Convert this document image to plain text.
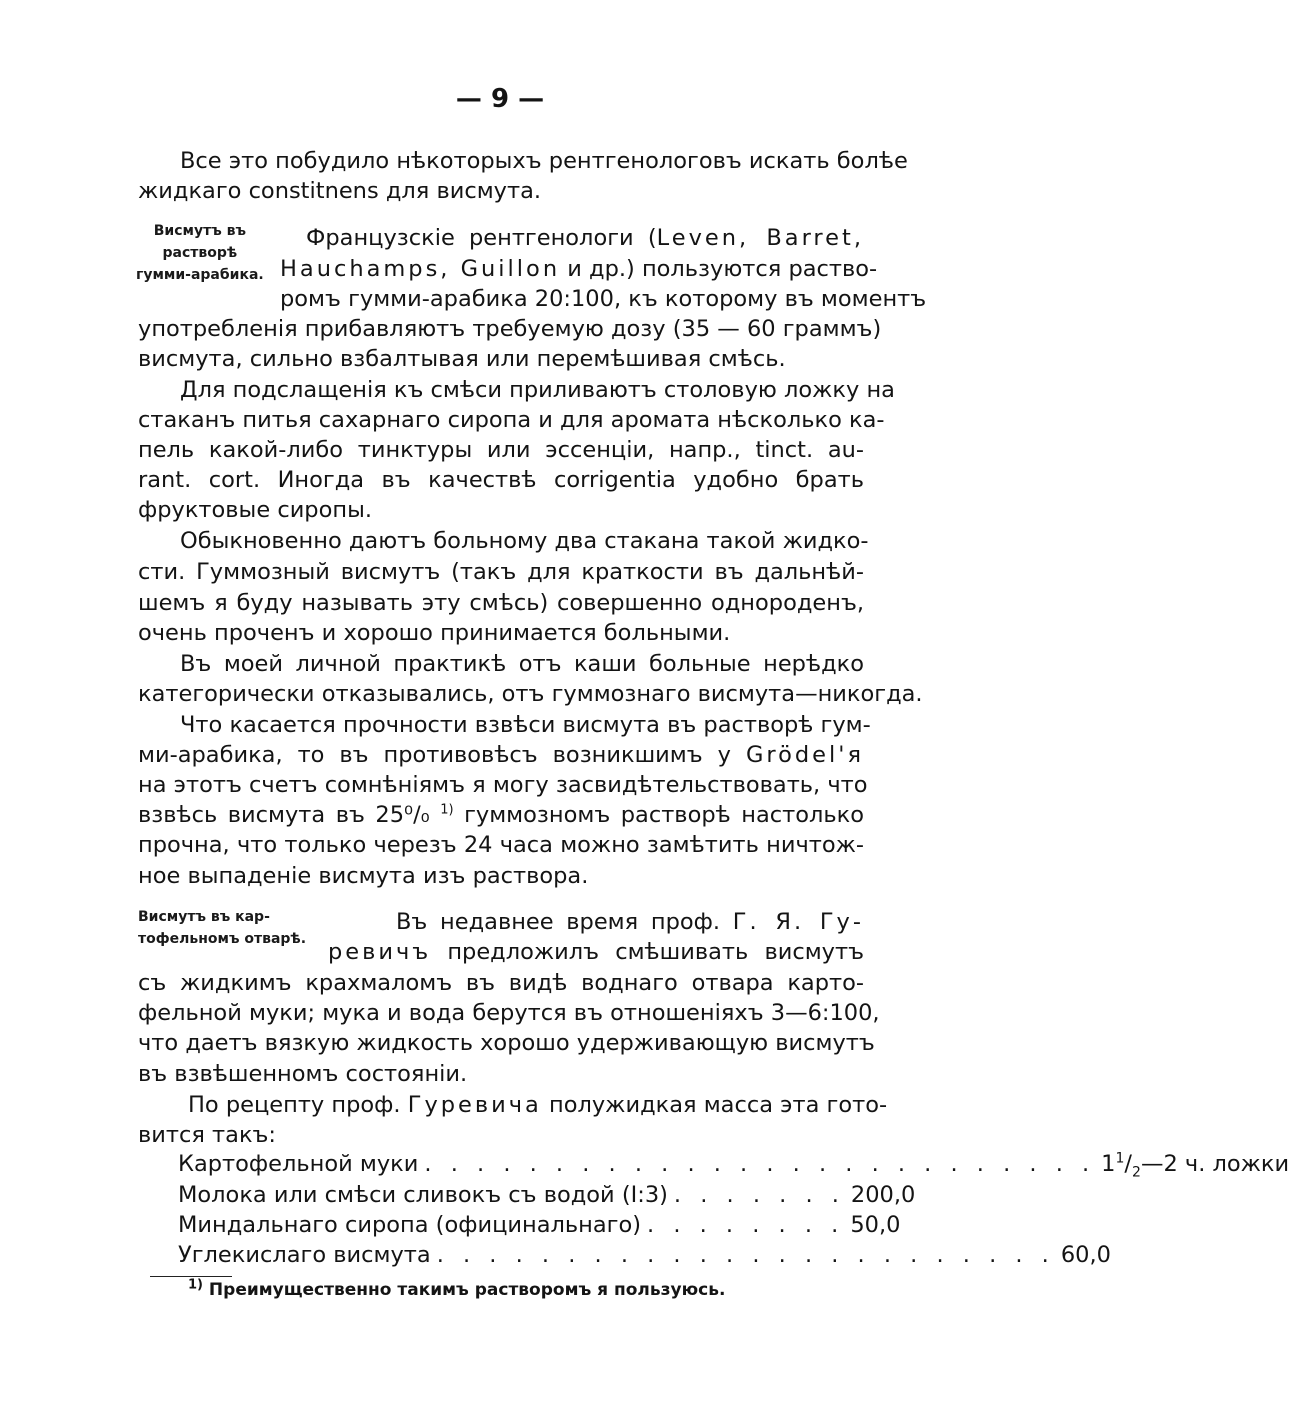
— 9 —
Все это побудило нѣкоторыхъ рентгенологовъ искать болѣе
жидкаго constitnens для висмута.
Висмутъ въ
растворѣ
гумми-арабика.
Французскіе рентгенологи (Leven, Barret,
Hauchamps, Guillon и др.) пользуются раство-
ромъ гумми-арабика 20:100, къ которому въ моментъ
употребленія прибавляютъ требуемую дозу (35 — 60 граммъ)
висмута, сильно взбалтывая или перемѣшивая смѣсь.
Для подслащенія къ смѣси приливаютъ столовую ложку на
стаканъ питья сахарнаго сиропа и для аромата нѣсколько ка-
пель какой-либо тинктуры или эссенціи, напр., tinct. au-
rant. cort. Иногда въ качествѣ corrigentia удобно брать
фруктовые сиропы.
Обыкновенно даютъ больному два стакана такой жидко-
сти. Гуммозный висмутъ (такъ для краткости въ дальнѣй-
шемъ я буду называть эту смѣсь) совершенно однороденъ,
очень проченъ и хорошо принимается больными.
Въ моей личной практикѣ отъ каши больные нерѣдко
категорически отказывались, отъ гуммознаго висмута—никогда.
Что касается прочности взвѣси висмута въ растворѣ гум-
ми-арабика, то въ противовѣсъ возникшимъ у Grödel'я
на этотъ счетъ сомнѣніямъ я могу засвидѣтельствовать, что
взвѣсь висмута въ 25⁰/₀ $^{1)}$ гуммозномъ растворѣ настолько
прочна, что только черезъ 24 часа можно замѣтить ничтож-
ное выпаденіе висмута изъ раствора.
Висмутъ въ кар-
тофельномъ отварѣ.
Въ недавнее время проф. Г. Я. Гу-
ревичъ предложилъ смѣшивать висмутъ
съ жидкимъ крахмаломъ въ видѣ воднаго отвара карто-
фельной муки; мука и вода берутся въ отношеніяхъ 3—6:100,
что даетъ вязкую жидкость хорошо удерживающую висмутъ
въ взвѣшенномъ состояніи.
По рецепту проф. Гуревича полужидкая масса эта гото-
вится такъ:
Картофельной муки . . . . . . . . . . . . . . . . . . . . . . . . . . $1^1/_2—2$ ч. ложки
Молока или смѣси сливокъ съ водой (I:3) . . . . . . . 200,0
Миндальнаго сиропа (официнальнаго) . . . . . . . . 50,0
Углекислаго висмута . . . . . . . . . . . . . . . . . . . . . . . . 60,0
$^{1)}$ Преимущественно такимъ растворомъ я пользуюсь.
